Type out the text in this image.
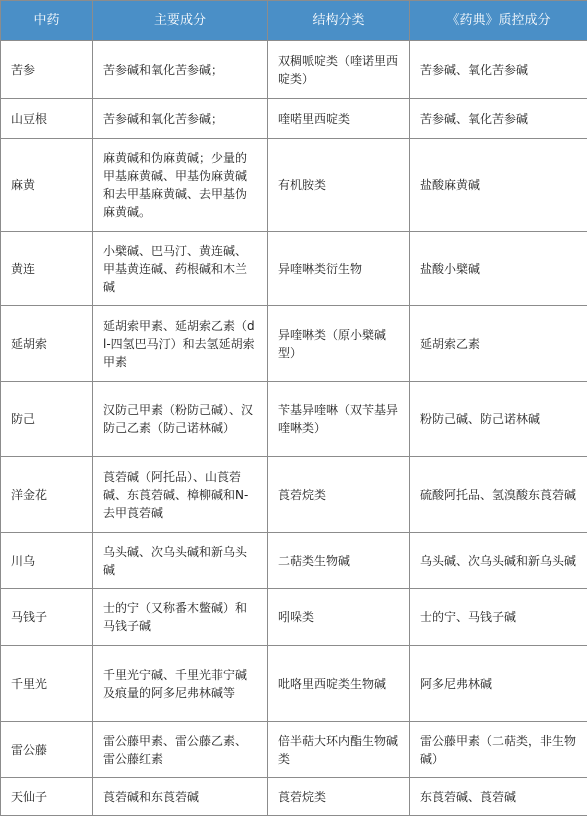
中药	主要成分	结构分类	《药典》质控成分
苦参	苦参碱和氧化苦参碱；	双稠哌啶类（喹诺里西啶类）	苦参碱、氧化苦参碱
山豆根	苦参碱和氧化苦参碱；	喹喏里西啶类	苦参碱、氧化苦参碱
麻黄	麻黄碱和伪麻黄碱；少量的甲基麻黄碱、甲基伪麻黄碱和去甲基麻黄碱、去甲基伪麻黄碱。	有机胺类	盐酸麻黄碱
黄连	小檗碱、巴马汀、黄连碱、甲基黄连碱、药根碱和木兰碱	异喹啉类衍生物	盐酸小檗碱
延胡索	延胡索甲素、延胡索乙素（dl-四氢巴马汀）和去氢延胡索甲素	异喹啉类（原小檗碱型）	延胡索乙素
防己	汉防己甲素（粉防己碱）、汉防己乙素（防己诺林碱）	苄基异喹啉（双苄基异喹啉类）	粉防己碱、防己诺林碱
洋金花	莨菪碱（阿托品）、山莨菪碱、东莨菪碱、樟柳碱和N-去甲莨菪碱	莨菪烷类	硫酸阿托品、氢溴酸东莨菪碱
川乌	乌头碱、次乌头碱和新乌头碱	二萜类生物碱	乌头碱、次乌头碱和新乌头碱
马钱子	士的宁（又称番木鳖碱）和马钱子碱	吲哚类	士的宁、马钱子碱
千里光	千里光宁碱、千里光菲宁碱及痕量的阿多尼弗林碱等	吡咯里西啶类生物碱	阿多尼弗林碱
雷公藤	雷公藤甲素、雷公藤乙素、雷公藤红素	倍半萜大环内酯生物碱类	雷公藤甲素（二萜类，非生物碱）
天仙子	莨菪碱和东莨菪碱	莨菪烷类	东莨菪碱、莨菪碱
